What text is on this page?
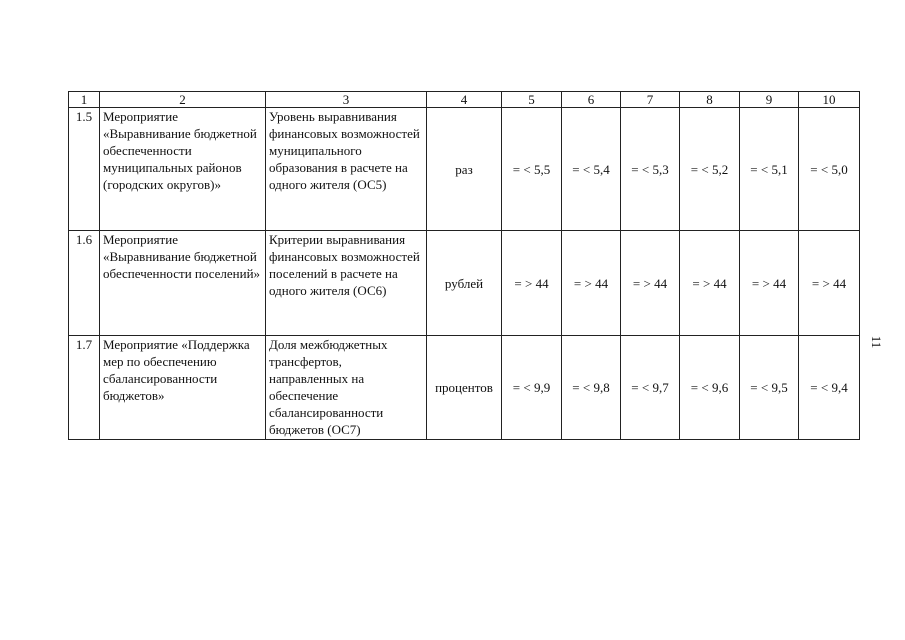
1	2	3	4	5	6	7	8	9	10
1.5	Мероприятие «Выравнивание бюджетной обеспеченности муниципальных районов (городских округов)»	Уровень выравнивания финансовых возможностей муниципального образования в расчете на одного жителя (ОС5)	раз	= < 5,5	= < 5,4	= < 5,3	= < 5,2	= < 5,1	= < 5,0
1.6	Мероприятие «Выравнивание бюджетной обеспеченности поселений»	Критерии выравнивания финансовых возможностей поселений в расчете на одного жителя (ОС6)	рублей	= > 44	= > 44	= > 44	= > 44	= > 44	= > 44
1.7	Мероприятие «Поддержка мер по обеспечению сбалансированности бюджетов»	Доля межбюджетных трансфертов, направленных на обеспечение сбалансированности бюджетов (ОС7)	процентов	= < 9,9	= < 9,8	= < 9,7	= < 9,6	= < 9,5	= < 9,4
11
